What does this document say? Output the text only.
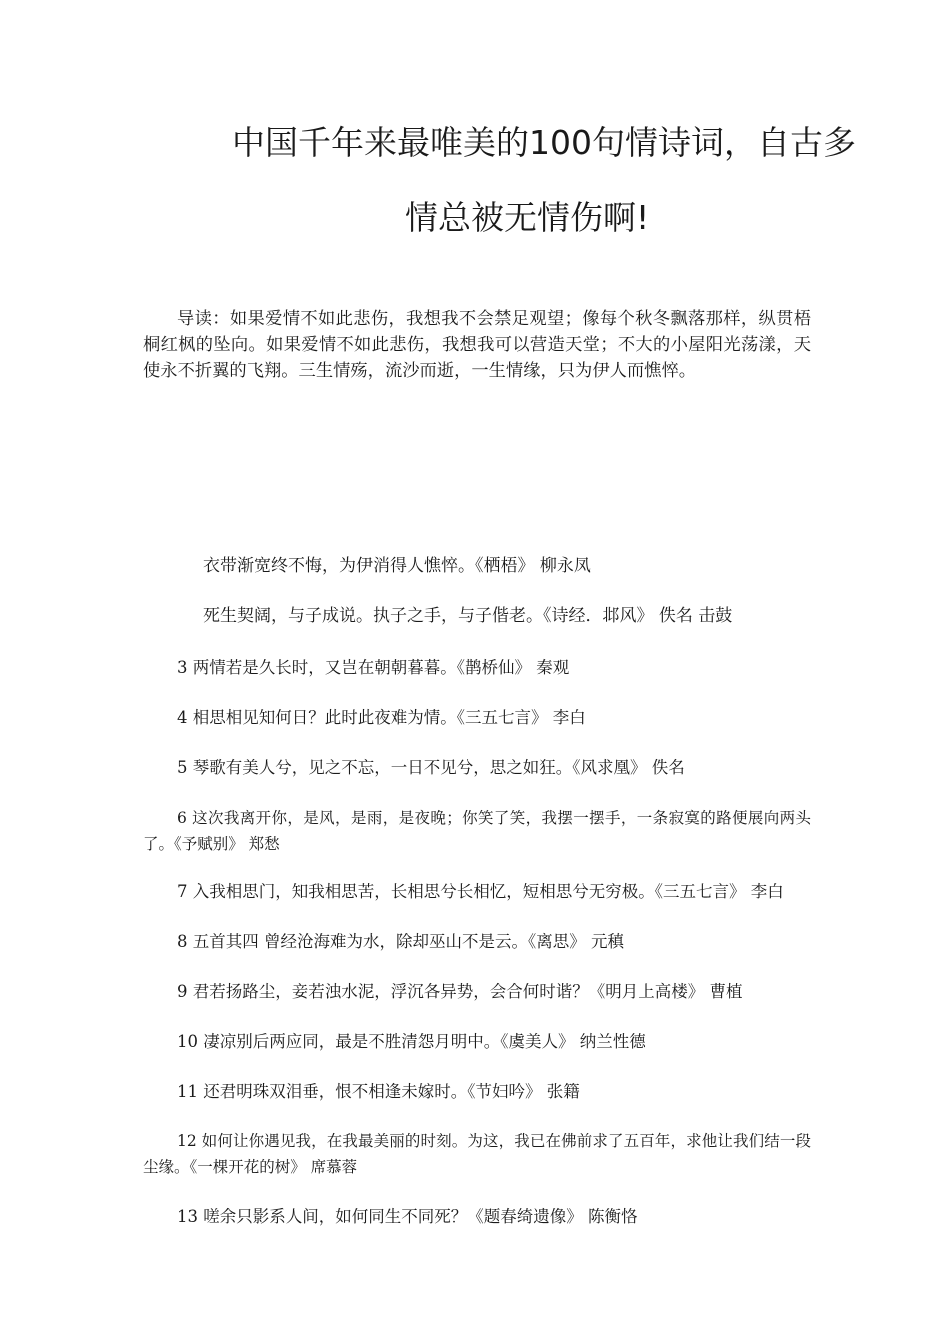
中国千年来最唯美的100句情诗词，自古多
情总被无情伤啊!

导读：如果爱情不如此悲伤，我想我不会禁足观望；像每个秋冬飘落那样，纵贯梧桐红枫的坠向。如果爱情不如此悲伤，我想我可以营造天堂；不大的小屋阳光荡漾，天使永不折翼的飞翔。三生情殇，流沙而逝，一生情缘，只为伊人而憔悴。

衣带渐宽终不悔，为伊消得人憔悴。《栖梧》 柳永凤
死生契阔，与子成说。执子之手，与子偕老。《诗经．邶风》 佚名 击鼓
3 两情若是久长时，又岂在朝朝暮暮。《鹊桥仙》 秦观
4 相思相见知何日？此时此夜难为情。《三五七言》 李白
5 琴歌有美人兮，见之不忘，一日不见兮，思之如狂。《风求凰》 佚名

6 这次我离开你，是风，是雨，是夜晚；你笑了笑，我摆一摆手，一条寂寞的路便展向两头了。《予赋别》 郑愁

7 入我相思门，知我相思苦，长相思兮长相忆，短相思兮无穷极。《三五七言》 李白
8 五首其四 曾经沧海难为水，除却巫山不是云。《离思》 元稹
9 君若扬路尘，妾若浊水泥，浮沉各异势，会合何时谐？《明月上高楼》 曹植
10 凄凉别后两应同，最是不胜清怨月明中。《虞美人》 纳兰性德
11 还君明珠双泪垂，恨不相逢未嫁时。《节妇吟》 张籍

12 如何让你遇见我，在我最美丽的时刻。为这，我已在佛前求了五百年，求他让我们结一段尘缘。《一棵开花的树》 席慕蓉

13 嗟余只影系人间，如何同生不同死？《题春绮遗像》 陈衡恪
